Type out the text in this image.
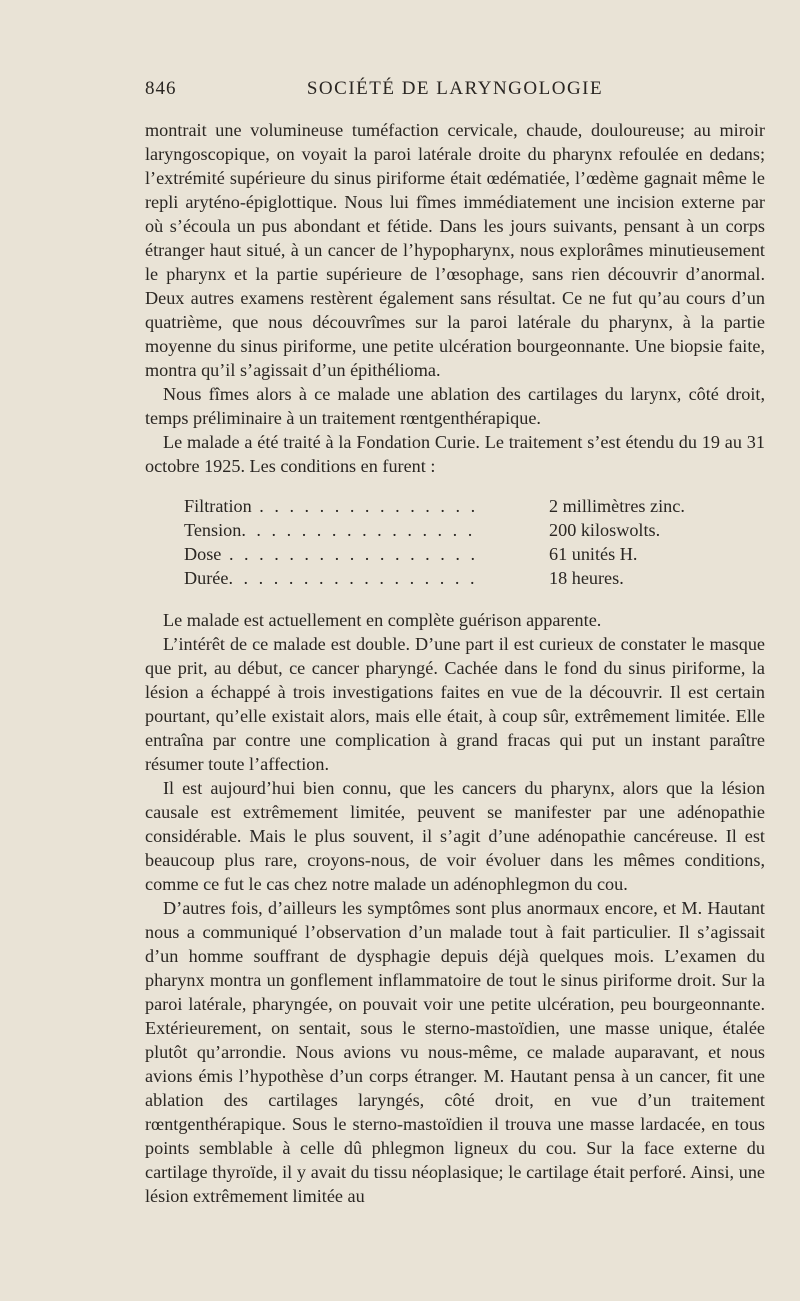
846	SOCIÉTÉ DE LARYNGOLOGIE

montrait une volumineuse tuméfaction cervicale, chaude, douloureuse; au miroir laryngoscopique, on voyait la paroi latérale droite du pharynx refoulée en dedans; l’extrémité supérieure du sinus piriforme était œdématiée, l’œdème gagnait même le repli aryténo-épiglottique. Nous lui fîmes immédiatement une incision externe par où s’écoula un pus abondant et fétide. Dans les jours suivants, pensant à un corps étranger haut situé, à un cancer de l’hypopharynx, nous explorâmes minutieusement le pharynx et la partie supérieure de l’œsophage, sans rien découvrir d’anormal. Deux autres examens restèrent également sans résultat. Ce ne fut qu’au cours d’un quatrième, que nous découvrîmes sur la paroi latérale du pharynx, à la partie moyenne du sinus piriforme, une petite ulcération bourgeonnante. Une biopsie faite, montra qu’il s’agissait d’un épithélioma.

Nous fîmes alors à ce malade une ablation des cartilages du larynx, côté droit, temps préliminaire à un traitement rœntgenthérapique.

Le malade a été traité à la Fondation Curie. Le traitement s’est étendu du 19 au 31 octobre 1925. Les conditions en furent :

Filtration . . . . . . . . . . . . . . .	2 millimètres zinc.
Tension. . . . . . . . . . . . . . . .	200 kiloswolts.
Dose . . . . . . . . . . . . . . . . .	61 unités H.
Durée. . . . . . . . . . . . . . . . .	18 heures.

Le malade est actuellement en complète guérison apparente.

L’intérêt de ce malade est double. D’une part il est curieux de constater le masque que prit, au début, ce cancer pharyngé. Cachée dans le fond du sinus piriforme, la lésion a échappé à trois investigations faites en vue de la découvrir. Il est certain pourtant, qu’elle existait alors, mais elle était, à coup sûr, extrêmement limitée. Elle entraîna par contre une complication à grand fracas qui put un instant paraître résumer toute l’affection.

Il est aujourd’hui bien connu, que les cancers du pharynx, alors que la lésion causale est extrêmement limitée, peuvent se manifester par une adénopathie considérable. Mais le plus souvent, il s’agit d’une adénopathie cancéreuse. Il est beaucoup plus rare, croyons-nous, de voir évoluer dans les mêmes conditions, comme ce fut le cas chez notre malade un adénophlegmon du cou.

D’autres fois, d’ailleurs les symptômes sont plus anormaux encore, et M. Hautant nous a communiqué l’observation d’un malade tout à fait particulier. Il s’agissait d’un homme souffrant de dysphagie depuis déjà quelques mois. L’examen du pharynx montra un gonflement inflammatoire de tout le sinus piriforme droit. Sur la paroi latérale, pharyngée, on pouvait voir une petite ulcération, peu bourgeonnante. Extérieurement, on sentait, sous le sterno-mastoïdien, une masse unique, étalée plutôt qu’arrondie. Nous avions vu nous-même, ce malade auparavant, et nous avions émis l’hypothèse d’un corps étranger. M. Hautant pensa à un cancer, fit une ablation des cartilages laryngés, côté droit, en vue d’un traitement rœntgenthérapique. Sous le sterno-mastoïdien il trouva une masse lardacée, en tous points semblable à celle dû phlegmon ligneux du cou. Sur la face externe du cartilage thyroïde, il y avait du tissu néoplasique; le cartilage était perforé. Ainsi, une lésion extrêmement limitée au
